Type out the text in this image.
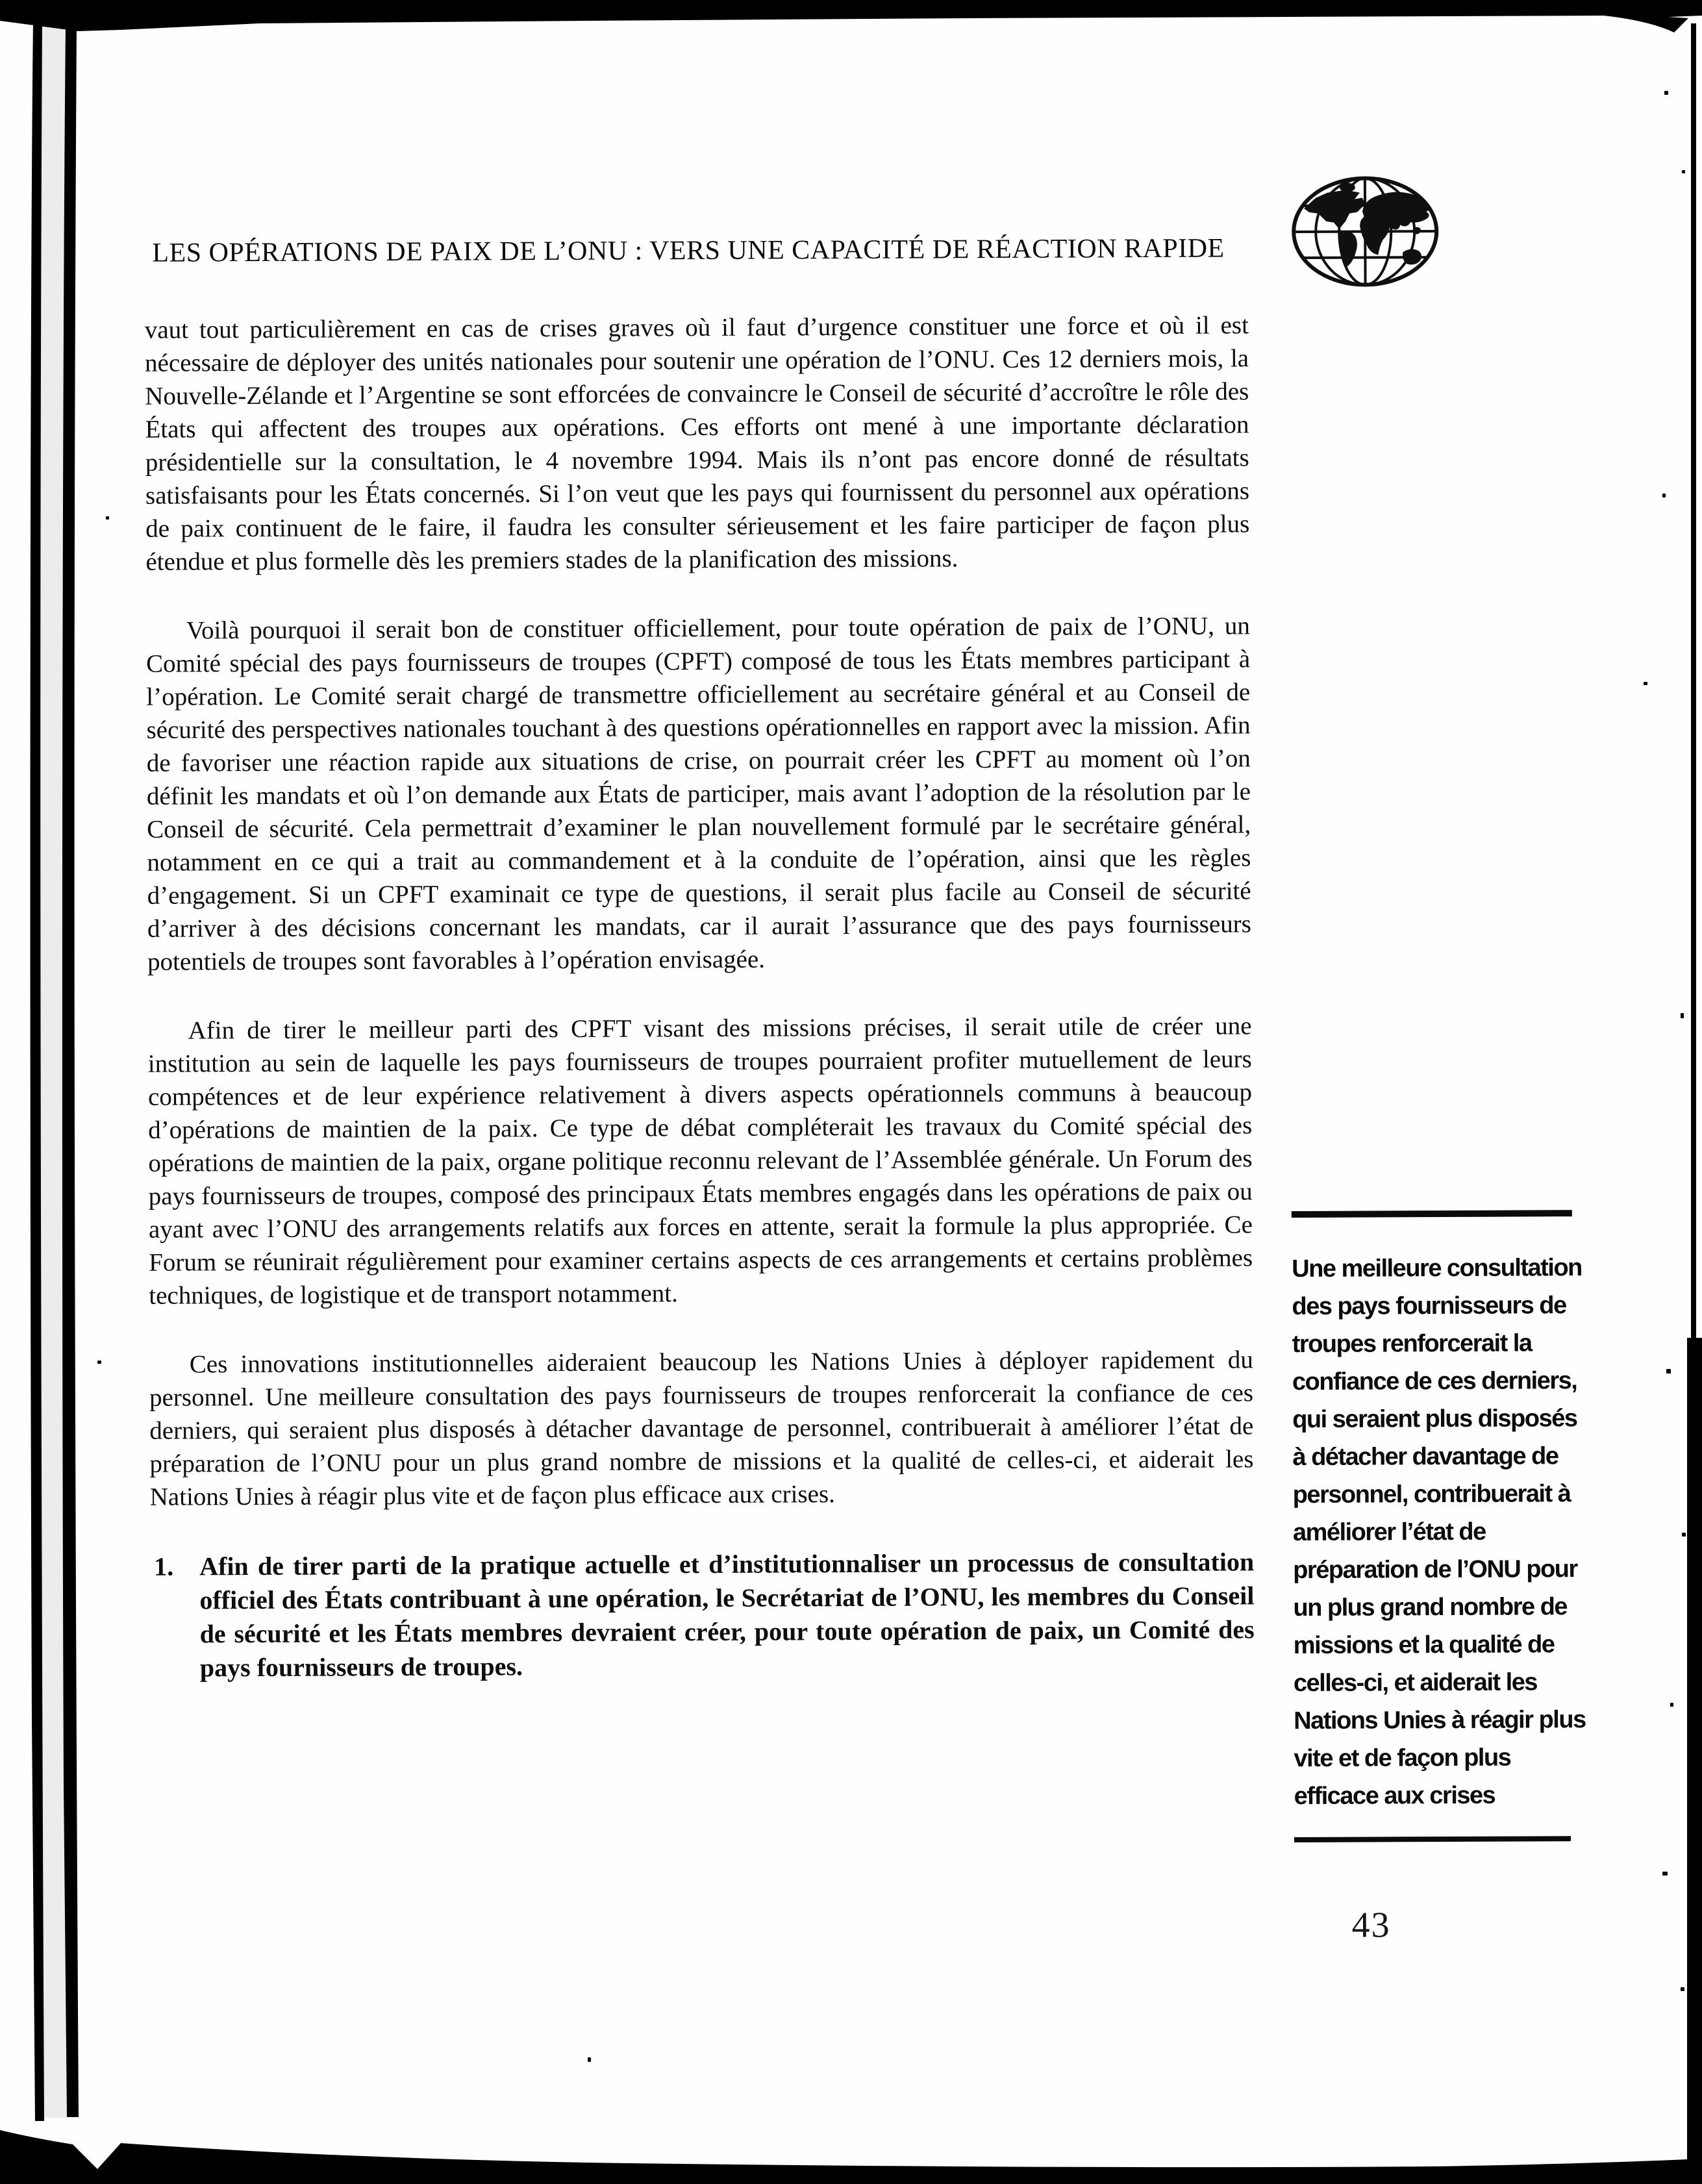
LES OPÉRATIONS DE PAIX DE L’ONU : VERS UNE CAPACITÉ DE RÉACTION RAPIDE

vaut tout particulièrement en cas de crises graves où il faut d’urgence constituer une force et où il est nécessaire de déployer des unités nationales pour soutenir une opération de l’ONU. Ces 12 derniers mois, la Nouvelle-Zélande et l’Argentine se sont efforcées de convaincre le Conseil de sécurité d’accroître le rôle des États qui affectent des troupes aux opérations. Ces efforts ont mené à une importante déclaration présidentielle sur la consultation, le 4 novembre 1994. Mais ils n’ont pas encore donné de résultats satisfaisants pour les États concernés. Si l’on veut que les pays qui fournissent du personnel aux opérations de paix continuent de le faire, il faudra les consulter sérieusement et les faire participer de façon plus étendue et plus formelle dès les premiers stades de la planification des missions.

Voilà pourquoi il serait bon de constituer officiellement, pour toute opération de paix de l’ONU, un Comité spécial des pays fournisseurs de troupes (CPFT) composé de tous les États membres participant à l’opération. Le Comité serait chargé de transmettre officiellement au secrétaire général et au Conseil de sécurité des perspectives nationales touchant à des questions opérationnelles en rapport avec la mission. Afin de favoriser une réaction rapide aux situations de crise, on pourrait créer les CPFT au moment où l’on définit les mandats et où l’on demande aux États de participer, mais avant l’adoption de la résolution par le Conseil de sécurité. Cela permettrait d’examiner le plan nouvellement formulé par le secrétaire général, notamment en ce qui a trait au commandement et à la conduite de l’opération, ainsi que les règles d’engagement. Si un CPFT examinait ce type de questions, il serait plus facile au Conseil de sécurité d’arriver à des décisions concernant les mandats, car il aurait l’assurance que des pays fournisseurs potentiels de troupes sont favorables à l’opération envisagée.

Afin de tirer le meilleur parti des CPFT visant des missions précises, il serait utile de créer une institution au sein de laquelle les pays fournisseurs de troupes pourraient profiter mutuellement de leurs compétences et de leur expérience relativement à divers aspects opérationnels communs à beaucoup d’opérations de maintien de la paix. Ce type de débat compléterait les travaux du Comité spécial des opérations de maintien de la paix, organe politique reconnu relevant de l’Assemblée générale. Un Forum des pays fournisseurs de troupes, composé des principaux États membres engagés dans les opérations de paix ou ayant avec l’ONU des arrangements relatifs aux forces en attente, serait la formule la plus appropriée. Ce Forum se réunirait régulièrement pour examiner certains aspects de ces arrangements et certains problèmes techniques, de logistique et de transport notamment.

Ces innovations institutionnelles aideraient beaucoup les Nations Unies à déployer rapidement du personnel. Une meilleure consultation des pays fournisseurs de troupes renforcerait la confiance de ces derniers, qui seraient plus disposés à détacher davantage de personnel, contribuerait à améliorer l’état de préparation de l’ONU pour un plus grand nombre de missions et la qualité de celles-ci, et aiderait les Nations Unies à réagir plus vite et de façon plus efficace aux crises.

1. Afin de tirer parti de la pratique actuelle et d’institutionnaliser un processus de consultation officiel des États contribuant à une opération, le Secrétariat de l’ONU, les membres du Conseil de sécurité et les États membres devraient créer, pour toute opération de paix, un Comité des pays fournisseurs de troupes.

Une meilleure consultation des pays fournisseurs de troupes renforcerait la confiance de ces derniers, qui seraient plus disposés à détacher davantage de personnel, contribuerait à améliorer l’état de préparation de l’ONU pour un plus grand nombre de missions et la qualité de celles-ci, et aiderait les Nations Unies à réagir plus vite et de façon plus efficace aux crises

43
